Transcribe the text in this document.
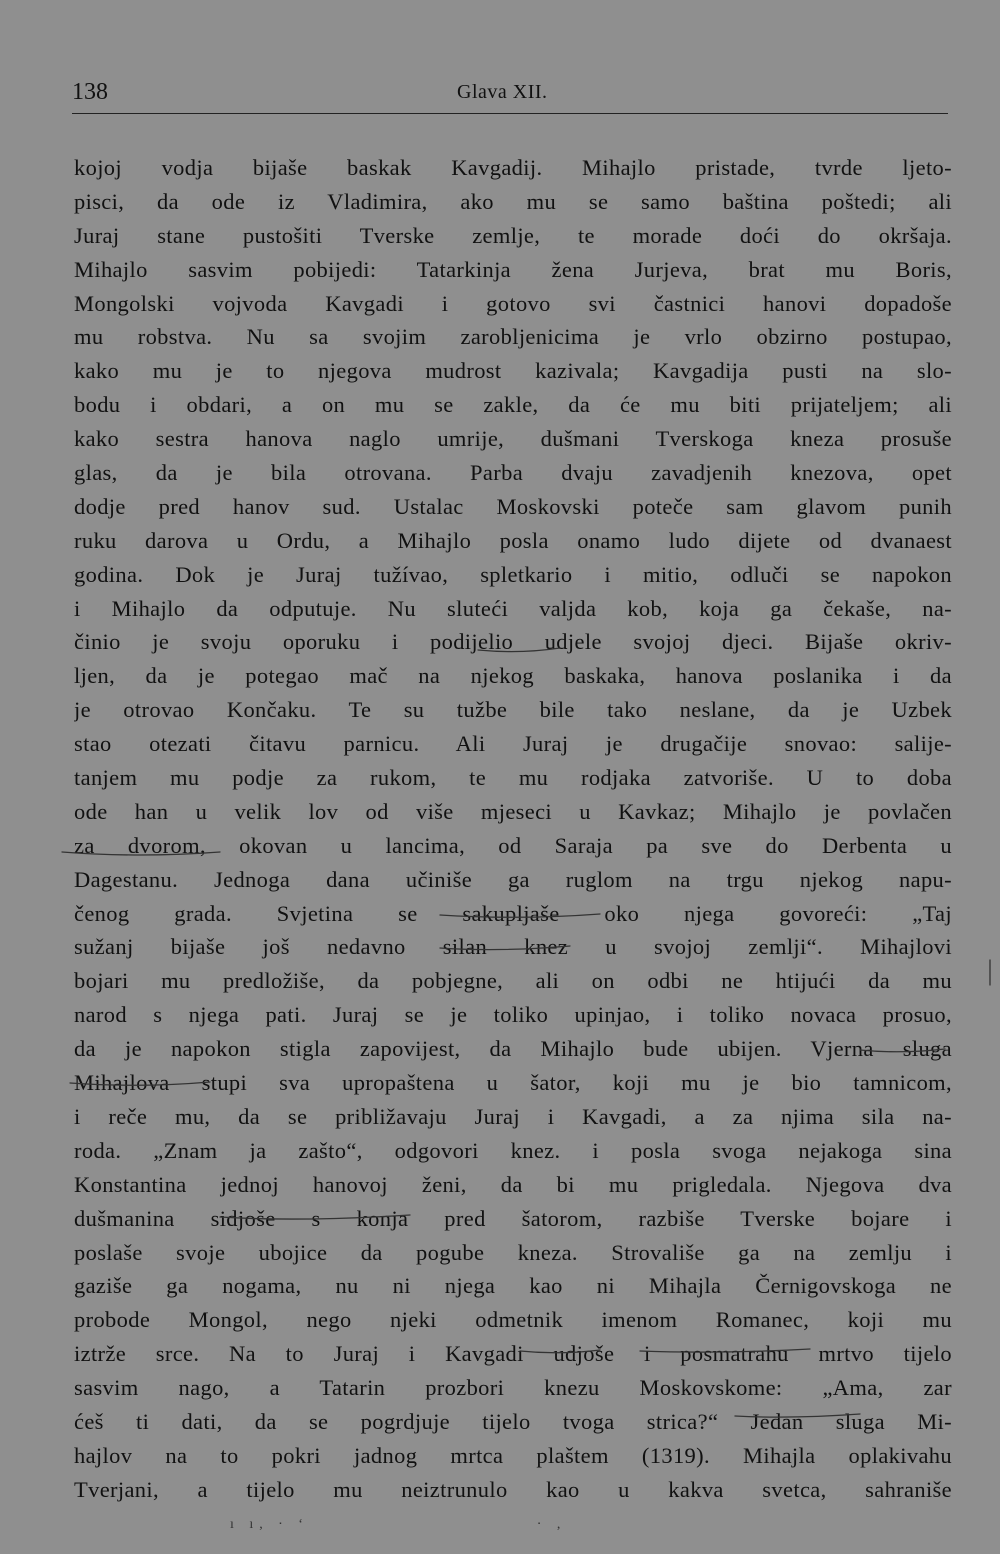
138	Glava XII.
kojoj vodja bijaše baskak Kavgadij. Mihajlo pristade, tvrde ljeto-
pisci, da ode iz Vladimira, ako mu se samo baština poštedi; ali
Juraj stane pustošiti Tverske zemlje, te morade doći do okršaja.
Mihajlo sasvim pobijedi: Tatarkinja žena Jurjeva, brat mu Boris,
Mongolski vojvoda Kavgadi i gotovo svi častnici hanovi dopadoše
mu robstva. Nu sa svojim zarobljenicima je vrlo obzirno postupao,
kako mu je to njegova mudrost kazivala; Kavgadija pusti na slo-
bodu i obdari, a on mu se zakle, da će mu biti prijateljem; ali
kako sestra hanova naglo umrije, dušmani Tverskoga kneza prosuše
glas, da je bila otrovana. Parba dvaju zavadjenih knezova, opet
dodje pred hanov sud. Ustalac Moskovski poteče sam glavom punih
ruku darova u Ordu, a Mihajlo posla onamo ludo dijete od dvanaest
godina. Dok je Juraj tužívao, spletkario i mitio, odluči se napokon
i Mihajlo da odputuje. Nu sluteći valjda kob, koja ga čekaše, na-
činio je svoju oporuku i podijelio udjele svojoj djeci. Bijaše okriv-
ljen, da je potegao mač na njekog baskaka, hanova poslanika i da
je otrovao Končaku. Te su tužbe bile tako neslane, da je Uzbek
stao otezati čitavu parnicu. Ali Juraj je drugačije snovao: salije-
tanjem mu podje za rukom, te mu rodjaka zatvoriše. U to doba
ode han u velik lov od više mjeseci u Kavkaz; Mihajlo je povlačen
za dvorom, okovan u lancima, od Saraja pa sve do Derbenta u
Dagestanu. Jednoga dana učiniše ga ruglom na trgu njekog napu-
čenog grada. Svjetina se sakupljaše oko njega govoreći: „Taj
sužanj bijaše još nedavno silan knez u svojoj zemlji“. Mihajlovi
bojari mu predložiše, da pobjegne, ali on odbi ne htijući da mu
narod s njega pati. Juraj se je toliko upinjao, i toliko novaca prosuo,
da je napokon stigla zapovijest, da Mihajlo bude ubijen. Vjerna sluga
Mihajlova stupi sva upropaštena u šator, koji mu je bio tamnicom,
i reče mu, da se približavaju Juraj i Kavgadi, a za njima sila na-
roda. „Znam ja zašto“, odgovori knez. i posla svoga nejakoga sina
Konstantina jednoj hanovoj ženi, da bi mu prigledala. Njegova dva
dušmanina sidjoše s konja pred šatorom, razbiše Tverske bojare i
poslaše svoje ubojice da pogube kneza. Strovališe ga na zemlju i
gaziše ga nogama, nu ni njega kao ni Mihajla Černigovskoga ne
probode Mongol, nego njeki odmetnik imenom Romanec, koji mu
iztrže srce. Na to Juraj i Kavgadi udjoše i posmatrahu mrtvo tijelo
sasvim nago, a Tatarin prozbori knezu Moskovskome: „Ama, zar
ćeš ti dati, da se pogrdjuje tijelo tvoga strica?“ Jedan sluga Mi-
hajlov na to pokri jadnog mrtca plaštem (1319). Mihajla oplakivahu
Tverjani, a tijelo mu neiztrunulo kao u kakva svetca, sahraniše
ı ı, ⋅ ʻ                        ⋅ ,
